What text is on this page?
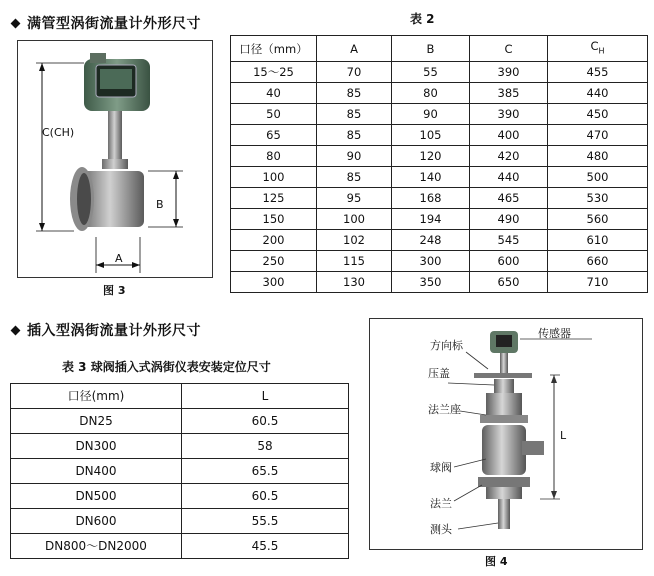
满管型涡街流量计外形尺寸
C(CH)
B
A
图 3
表 2
口径（mm）	A	B	C	$C_H$
15～25	70	55	390	455
40	85	80	385	440
50	85	90	390	450
65	85	105	400	470
80	90	120	420	480
100	85	140	440	500
125	95	168	465	530
150	100	194	490	560
200	102	248	545	610
250	115	300	600	660
300	130	350	650	710
插入型涡街流量计外形尺寸
表 3 球阀插入式涡街仪表安装定位尺寸
口径(mm)	L
DN25	60.5
DN300	58
DN400	65.5
DN500	60.5
DN600	55.5
DN800～DN2000	45.5
方向标
传感器
压盖
法兰座
球阀
法兰
测头
L
图 4
